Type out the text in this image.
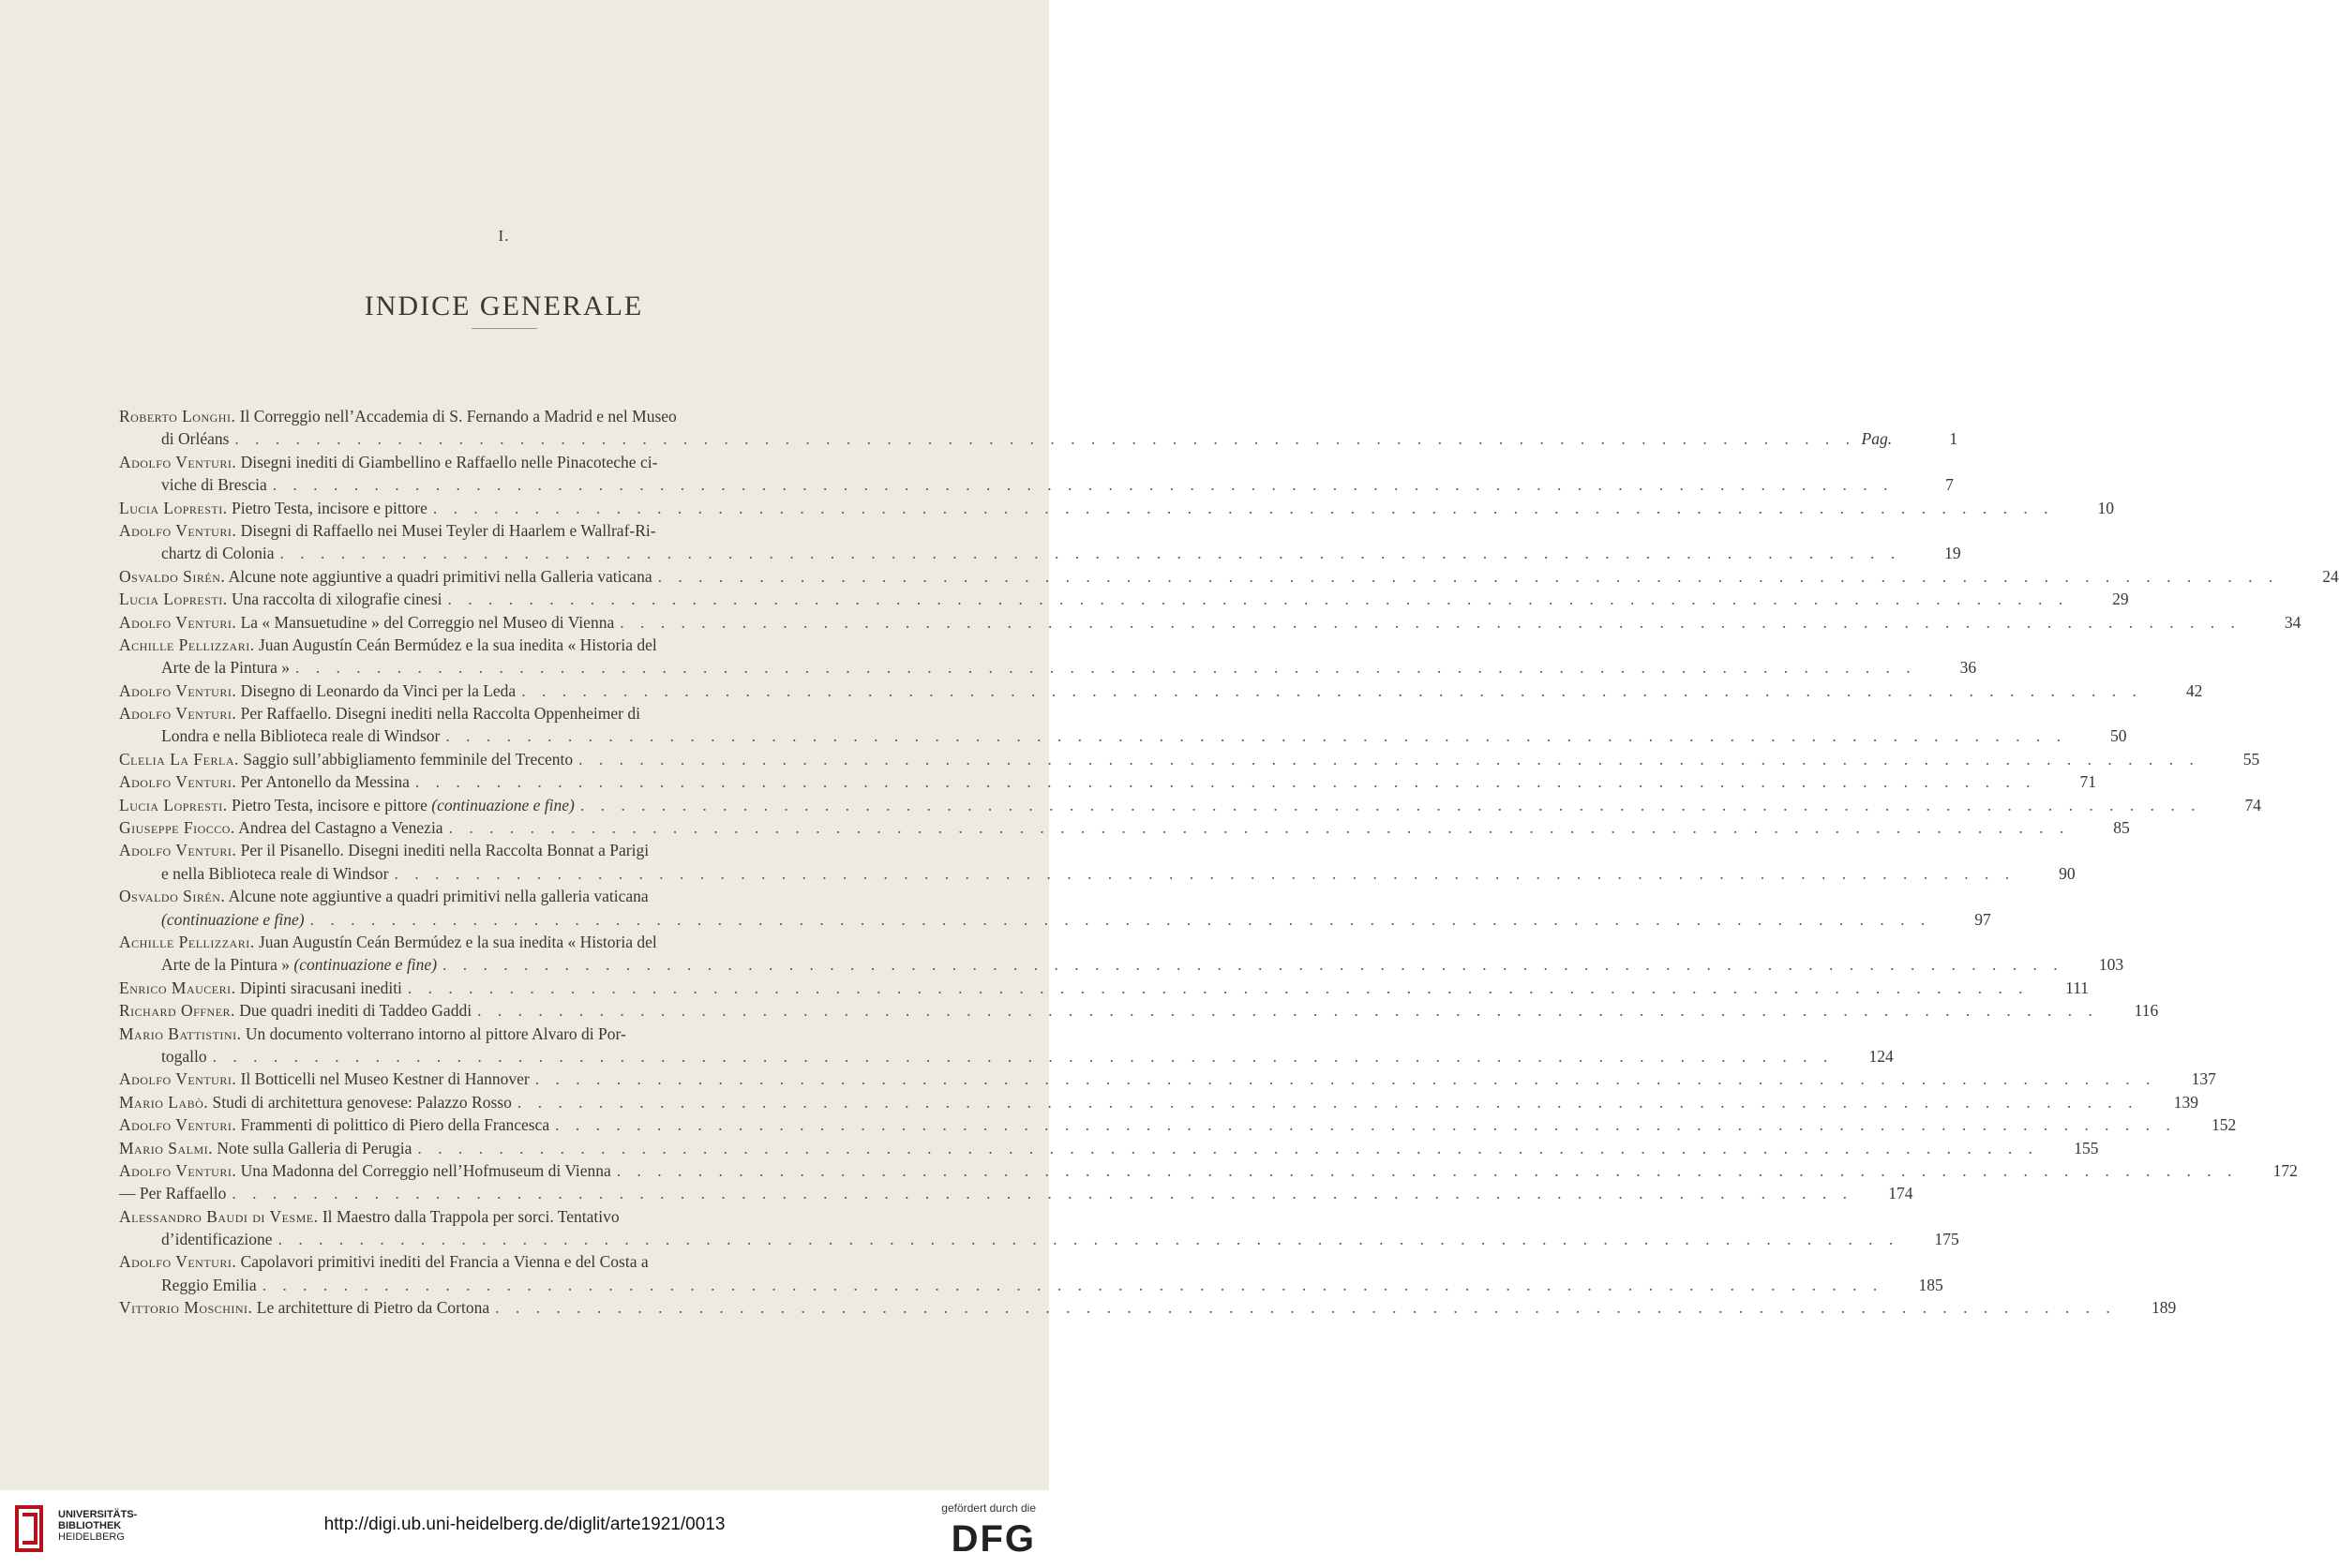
I.
INDICE GENERALE
Roberto Longhi. Il Correggio nell’Accademia di S. Fernando a Madrid e nel Museo
di Orléans . . . . . . . . . . . . . . . . . . . . . . . . . . . . . . . . . . . . . . . . . . . . . . . . . . . . . . . . . . . . . . . . . . . . . . . . . . . . . . . . Pag.	1
Adolfo Venturi. Disegni inediti di Giambellino e Raffaello nelle Pinacoteche ci-
viche di Brescia . . . . . . . . . . . . . . . . . . . . . . . . . . . . . . . . . . . . . . . . . . . . . . . . . . . . . . . . . . . . . . . . . . . . . . . . . . . . . . . .	7
Lucia Lopresti. Pietro Testa, incisore e pittore . . . . . . . . . . . . . . . . . . . . . . . . . . . . . . . . . . . . . . . . . . . . . . . . . . . . . . . . . . . . . . . . . . . . . . . . . . . . . . . .	10
Adolfo Venturi. Disegni di Raffaello nei Musei Teyler di Haarlem e Wallraf-Ri-
chartz di Colonia . . . . . . . . . . . . . . . . . . . . . . . . . . . . . . . . . . . . . . . . . . . . . . . . . . . . . . . . . . . . . . . . . . . . . . . . . . . . . . . .	19
Osvaldo Sirén. Alcune note aggiuntive a quadri primitivi nella Galleria vaticana . . . . . . . . . . . . . . . . . . . . . . . . . . . . . . . . . . . . . . . . . . . . . . . . . . . . . . . . . . . . . . . . . . . . . . . . . . . . . . . .	24
Lucia Lopresti. Una raccolta di xilografie cinesi . . . . . . . . . . . . . . . . . . . . . . . . . . . . . . . . . . . . . . . . . . . . . . . . . . . . . . . . . . . . . . . . . . . . . . . . . . . . . . . .	29
Adolfo Venturi. La « Mansuetudine » del Correggio nel Museo di Vienna . . . . . . . . . . . . . . . . . . . . . . . . . . . . . . . . . . . . . . . . . . . . . . . . . . . . . . . . . . . . . . . . . . . . . . . . . . . . . . . .	34
Achille Pellizzari. Juan Augustín Ceán Bermúdez e la sua inedita « Historia del
Arte de la Pintura » . . . . . . . . . . . . . . . . . . . . . . . . . . . . . . . . . . . . . . . . . . . . . . . . . . . . . . . . . . . . . . . . . . . . . . . . . . . . . . . .	36
Adolfo Venturi. Disegno di Leonardo da Vinci per la Leda . . . . . . . . . . . . . . . . . . . . . . . . . . . . . . . . . . . . . . . . . . . . . . . . . . . . . . . . . . . . . . . . . . . . . . . . . . . . . . . .	42
Adolfo Venturi. Per Raffaello. Disegni inediti nella Raccolta Oppenheimer di
Londra e nella Biblioteca reale di Windsor . . . . . . . . . . . . . . . . . . . . . . . . . . . . . . . . . . . . . . . . . . . . . . . . . . . . . . . . . . . . . . . . . . . . . . . . . . . . . . . .	50
Clelia La Ferla. Saggio sull’abbigliamento femminile del Trecento . . . . . . . . . . . . . . . . . . . . . . . . . . . . . . . . . . . . . . . . . . . . . . . . . . . . . . . . . . . . . . . . . . . . . . . . . . . . . . . .	55
Adolfo Venturi. Per Antonello da Messina . . . . . . . . . . . . . . . . . . . . . . . . . . . . . . . . . . . . . . . . . . . . . . . . . . . . . . . . . . . . . . . . . . . . . . . . . . . . . . . .	71
Lucia Lopresti. Pietro Testa, incisore e pittore (continuazione e fine) . . . . . . . . . . . . . . . . . . . . . . . . . . . . . . . . . . . . . . . . . . . . . . . . . . . . . . . . . . . . . . . . . . . . . . . . . . . . . . . .	74
Giuseppe Fiocco. Andrea del Castagno a Venezia . . . . . . . . . . . . . . . . . . . . . . . . . . . . . . . . . . . . . . . . . . . . . . . . . . . . . . . . . . . . . . . . . . . . . . . . . . . . . . . .	85
Adolfo Venturi. Per il Pisanello. Disegni inediti nella Raccolta Bonnat a Parigi
e nella Biblioteca reale di Windsor . . . . . . . . . . . . . . . . . . . . . . . . . . . . . . . . . . . . . . . . . . . . . . . . . . . . . . . . . . . . . . . . . . . . . . . . . . . . . . . .	90
Osvaldo Sirén. Alcune note aggiuntive a quadri primitivi nella galleria vaticana
(continuazione e fine) . . . . . . . . . . . . . . . . . . . . . . . . . . . . . . . . . . . . . . . . . . . . . . . . . . . . . . . . . . . . . . . . . . . . . . . . . . . . . . . .	97
Achille Pellizzari. Juan Augustín Ceán Bermúdez e la sua inedita « Historia del
Arte de la Pintura » (continuazione e fine) . . . . . . . . . . . . . . . . . . . . . . . . . . . . . . . . . . . . . . . . . . . . . . . . . . . . . . . . . . . . . . . . . . . . . . . . . . . . . . . .	103
Enrico Mauceri. Dipinti siracusani inediti . . . . . . . . . . . . . . . . . . . . . . . . . . . . . . . . . . . . . . . . . . . . . . . . . . . . . . . . . . . . . . . . . . . . . . . . . . . . . . . .	111
Richard Offner. Due quadri inediti di Taddeo Gaddi . . . . . . . . . . . . . . . . . . . . . . . . . . . . . . . . . . . . . . . . . . . . . . . . . . . . . . . . . . . . . . . . . . . . . . . . . . . . . . . .	116
Mario Battistini. Un documento volterrano intorno al pittore Alvaro di Por-
togallo . . . . . . . . . . . . . . . . . . . . . . . . . . . . . . . . . . . . . . . . . . . . . . . . . . . . . . . . . . . . . . . . . . . . . . . . . . . . . . . .	124
Adolfo Venturi. Il Botticelli nel Museo Kestner di Hannover . . . . . . . . . . . . . . . . . . . . . . . . . . . . . . . . . . . . . . . . . . . . . . . . . . . . . . . . . . . . . . . . . . . . . . . . . . . . . . . .	137
Mario Labò. Studi di architettura genovese: Palazzo Rosso . . . . . . . . . . . . . . . . . . . . . . . . . . . . . . . . . . . . . . . . . . . . . . . . . . . . . . . . . . . . . . . . . . . . . . . . . . . . . . . .	139
Adolfo Venturi. Frammenti di polittico di Piero della Francesca . . . . . . . . . . . . . . . . . . . . . . . . . . . . . . . . . . . . . . . . . . . . . . . . . . . . . . . . . . . . . . . . . . . . . . . . . . . . . . . .	152
Mario Salmi. Note sulla Galleria di Perugia . . . . . . . . . . . . . . . . . . . . . . . . . . . . . . . . . . . . . . . . . . . . . . . . . . . . . . . . . . . . . . . . . . . . . . . . . . . . . . . .	155
Adolfo Venturi. Una Madonna del Correggio nell’Hofmuseum di Vienna . . . . . . . . . . . . . . . . . . . . . . . . . . . . . . . . . . . . . . . . . . . . . . . . . . . . . . . . . . . . . . . . . . . . . . . . . . . . . . . .	172
— Per Raffaello . . . . . . . . . . . . . . . . . . . . . . . . . . . . . . . . . . . . . . . . . . . . . . . . . . . . . . . . . . . . . . . . . . . . . . . . . . . . . . . .	174
Alessandro Baudi di Vesme. Il Maestro dalla Trappola per sorci. Tentativo
d’identificazione . . . . . . . . . . . . . . . . . . . . . . . . . . . . . . . . . . . . . . . . . . . . . . . . . . . . . . . . . . . . . . . . . . . . . . . . . . . . . . . .	175
Adolfo Venturi. Capolavori primitivi inediti del Francia a Vienna e del Costa a
Reggio Emilia . . . . . . . . . . . . . . . . . . . . . . . . . . . . . . . . . . . . . . . . . . . . . . . . . . . . . . . . . . . . . . . . . . . . . . . . . . . . . . . .	185
Vittorio Moschini. Le architetture di Pietro da Cortona . . . . . . . . . . . . . . . . . . . . . . . . . . . . . . . . . . . . . . . . . . . . . . . . . . . . . . . . . . . . . . . . . . . . . . . . . . . . . . . .	189
UNIVERSITÄTS-
BIBLIOTHEK
HEIDELBERG
http://digi.ub.uni-heidelberg.de/diglit/arte1921/0013
gefördert durch die
DFG
